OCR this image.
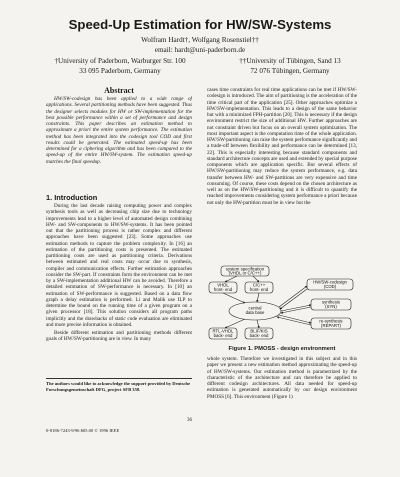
Speed-Up Estimation for HW/SW-Systems
Wolfram Hardt†, Wolfgang Rosenstiel††
email: hardt@uni-paderborn.de
†University of Paderborn, Warburger Str. 100
33 095 Paderborn, Germany
††University of Tübingen, Sand 13
72 076 Tübingen, Germany
Abstract

HW/SW-codesign has been applied to a wide range of applications. Several partitioning methods have been suggested. Thus the designer selects modules for HW or SW-implementation for the best possible performance within a set of performance and design constraints. This paper describes an estimation method to approximate a priori the entire system performance. The estimation method has been integrated into the codesign tool COD and first results could be generated. The estimated speed-up has been determined for a ciphering algorithm and has been compared to the speed-up of the entire HW/SW-system. The estimation speed-up matches the final speedup.

1. Introduction

During the last decade raising computing power and complex synthesis tools as well as decreasing chip size due to technology improvements lead to a higher level of automated design combining HW- and SW-components to HW/SW-systems. It has been pointed out that the partitioning process is rather complex and different approaches have been suggested [23]. Some approaches use estimation methods to capture the problem complexity. In [16] an estimation of the partitioning costs is presented. The estimated partitioning costs are used as partitioning criteria. Derivations between estimated and real costs may occur due to synthesis, compiler and communication effects. Further estimation approaches consider the SW-part. If constraints form the environment can be met by a SW-implementation additional HW can be avoided. Therefore a detailed estimation of SW-performance is necessary. In [10] an estimation of SW-performance is suggested. Based on a data flow graph a delay estimation is performed. Li and Malik use ILP to determine the bound on the running time of a given program on a given processor [18]. This solution considers all program paths implicitly and the drawbacks of static code evaluation are eliminated and more precise information is obtained.

Beside different estimation and partitioning methods different goals of HW/SW-partitioning are in view. In many

The authors would like to acknowledge the support provided by Deutsche Forschungsgemeinschaft DFG, project SFB 358.

cases time constraints for real time applications can be met if HW/SW-codesign is introduced. The aim of partitioning is the acceleration of the time critical part of the application [25]. Other approaches optimize a HW/SW-implementation. This leads to a design of the same behavior but with a minimized FPH-partition [20]. This is necessary if the design environment restrict the size of additional HW. Further approaches are not constraint driven but focus on an overall system optimization. The most important aspect is the computation time of the whole application. HW/SW-partitioning can raise the system performance significantly and a trade-off between flexibility and performance can be determined [13, 22]. This is especially interesting because standard components and standard architecture concepts are used and extended by special purpose components which are application specific. But several effects of HW/SW-partitioning may reduce the system performance, e.g. data transfer between HW- and SW-partitions are very expensive and time consuming. Of course, these costs depend on the chosen architecture as well as on the HW/SW-partitioning and it is difficult to quantify the reached improvements considering system performance a priori because not only the HW-partition must be in view but the

system specification
(VHDL or C/C++)
VHDL
front- end
C/C++
front- end
HW/SW-codesign
(COD)
synthesis
(SYN)
re-synthesis
(REPART)
central
data base
RTL-VHDL
back- end
BLIF/KIS
back- end
Figure 1. PMOSS - design environment

whole system. Therefore we investigated in this subject and in this paper we present a new estimation method approximating the speed-up of HW/SW-systems. Our estimation method is parametrized by the characteristic of the architecture and can therefore be applied to different codesign architectures. All data needed for speed-up estimation is generated automatically by our design environment PMOSS [6]. This environment (Figure 1)

36
0-8186-7243-9/96 $05.00 © 1996 IEEE
